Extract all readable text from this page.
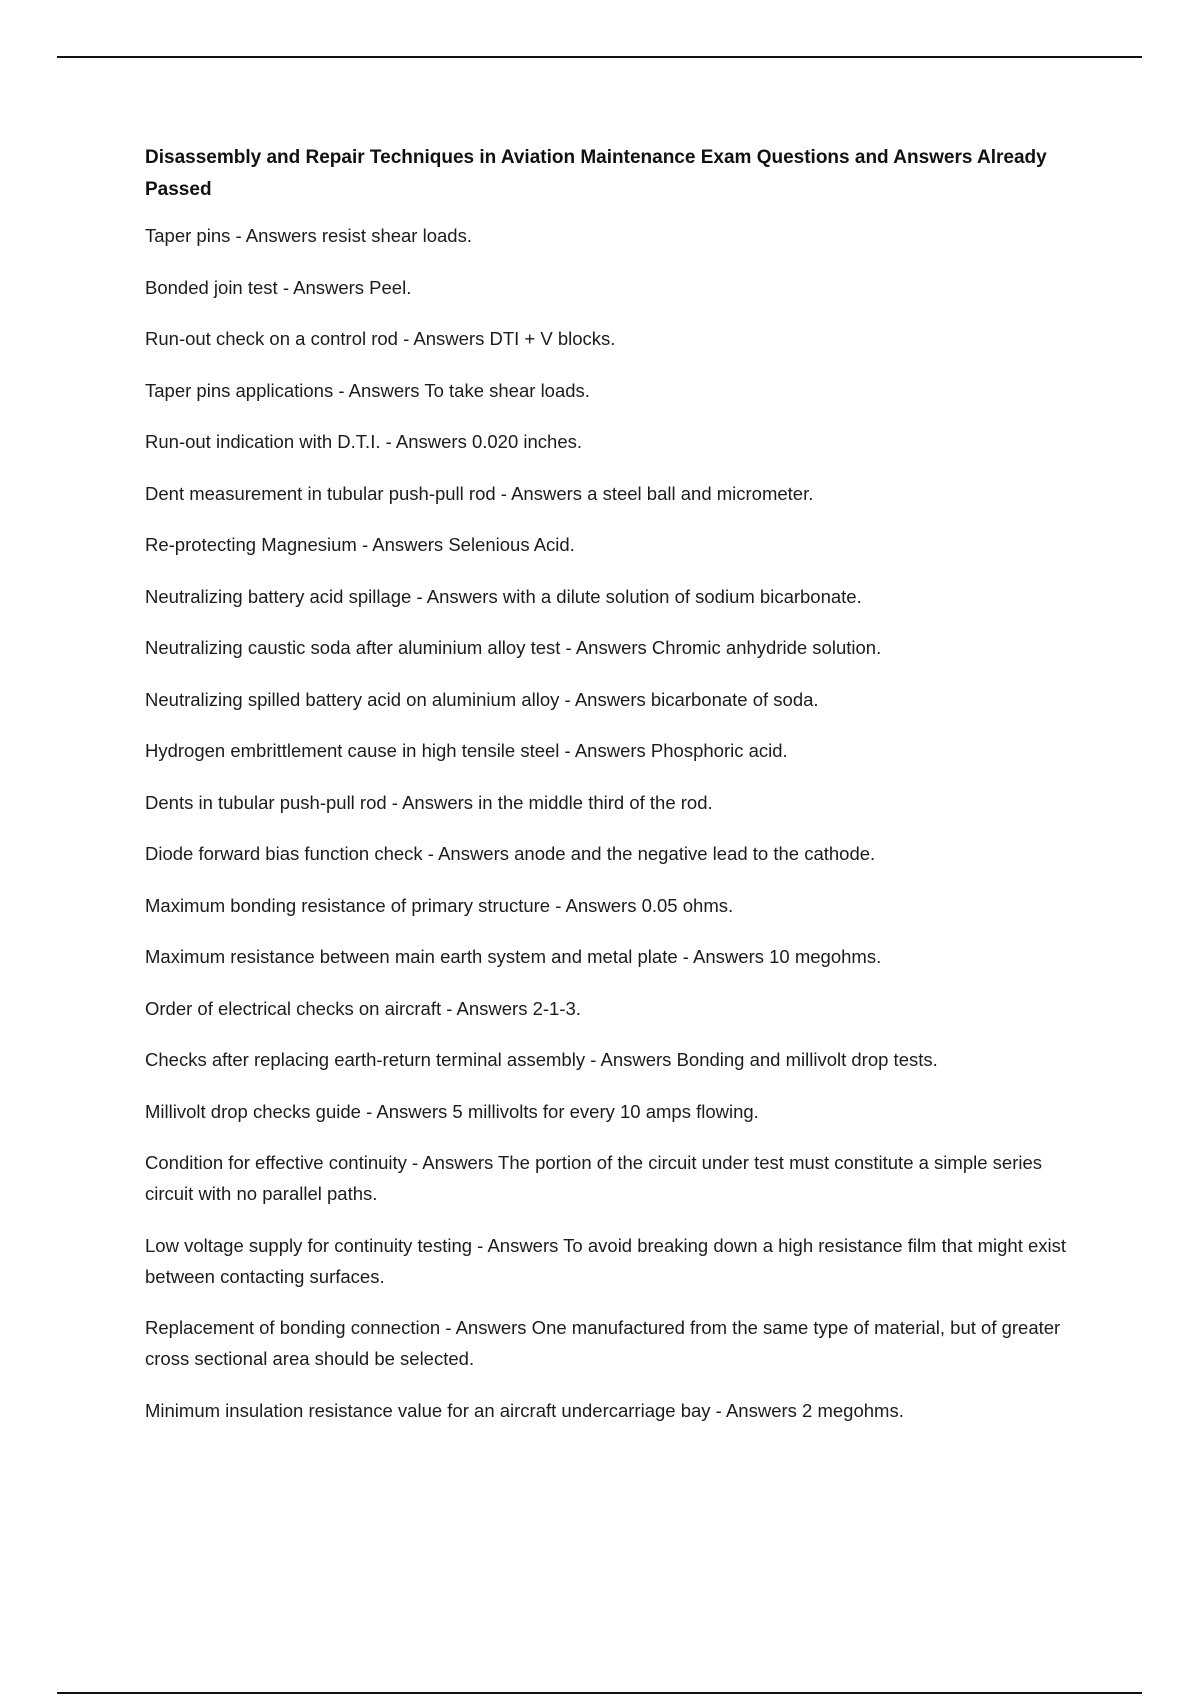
Disassembly and Repair Techniques in Aviation Maintenance Exam Questions and Answers Already Passed
Taper pins - Answers resist shear loads.
Bonded join test - Answers Peel.
Run-out check on a control rod - Answers DTI + V blocks.
Taper pins applications - Answers To take shear loads.
Run-out indication with D.T.I. - Answers 0.020 inches.
Dent measurement in tubular push-pull rod - Answers a steel ball and micrometer.
Re-protecting Magnesium - Answers Selenious Acid.
Neutralizing battery acid spillage - Answers with a dilute solution of sodium bicarbonate.
Neutralizing caustic soda after aluminium alloy test - Answers Chromic anhydride solution.
Neutralizing spilled battery acid on aluminium alloy - Answers bicarbonate of soda.
Hydrogen embrittlement cause in high tensile steel - Answers Phosphoric acid.
Dents in tubular push-pull rod - Answers in the middle third of the rod.
Diode forward bias function check - Answers anode and the negative lead to the cathode.
Maximum bonding resistance of primary structure - Answers 0.05 ohms.
Maximum resistance between main earth system and metal plate - Answers 10 megohms.
Order of electrical checks on aircraft - Answers 2-1-3.
Checks after replacing earth-return terminal assembly - Answers Bonding and millivolt drop tests.
Millivolt drop checks guide - Answers 5 millivolts for every 10 amps flowing.
Condition for effective continuity - Answers The portion of the circuit under test must constitute a simple series circuit with no parallel paths.
Low voltage supply for continuity testing - Answers To avoid breaking down a high resistance film that might exist between contacting surfaces.
Replacement of bonding connection - Answers One manufactured from the same type of material, but of greater cross sectional area should be selected.
Minimum insulation resistance value for an aircraft undercarriage bay - Answers 2 megohms.
